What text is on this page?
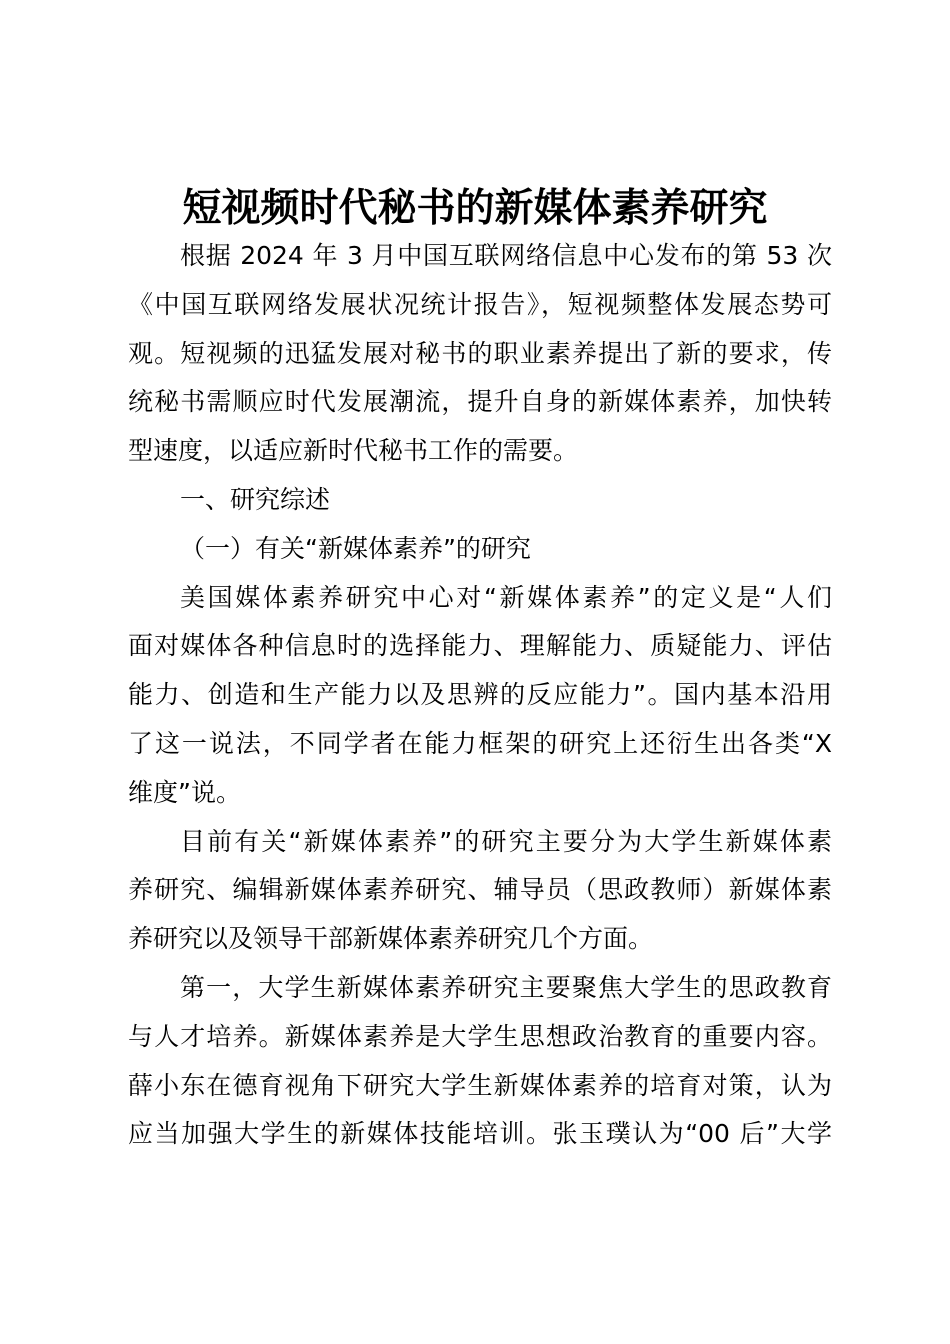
短视频时代秘书的新媒体素养研究
根据 2024 年 3 月中国互联网络信息中心发布的第 53 次
《中国互联网络发展状况统计报告》，短视频整体发展态势可
观。短视频的迅猛发展对秘书的职业素养提出了新的要求，传
统秘书需顺应时代发展潮流，提升自身的新媒体素养，加快转
型速度，以适应新时代秘书工作的需要。
一、研究综述
（一）有关“新媒体素养”的研究
美国媒体素养研究中心对“新媒体素养”的定义是“人们
面对媒体各种信息时的选择能力、理解能力、质疑能力、评估
能力、创造和生产能力以及思辨的反应能力”。国内基本沿用
了这一说法，不同学者在能力框架的研究上还衍生出各类“X
维度”说。
目前有关“新媒体素养”的研究主要分为大学生新媒体素
养研究、编辑新媒体素养研究、辅导员（思政教师）新媒体素
养研究以及领导干部新媒体素养研究几个方面。
第一，大学生新媒体素养研究主要聚焦大学生的思政教育
与人才培养。新媒体素养是大学生思想政治教育的重要内容。
薛小东在德育视角下研究大学生新媒体素养的培育对策，认为
应当加强大学生的新媒体技能培训。张玉璞认为“00 后”大学
